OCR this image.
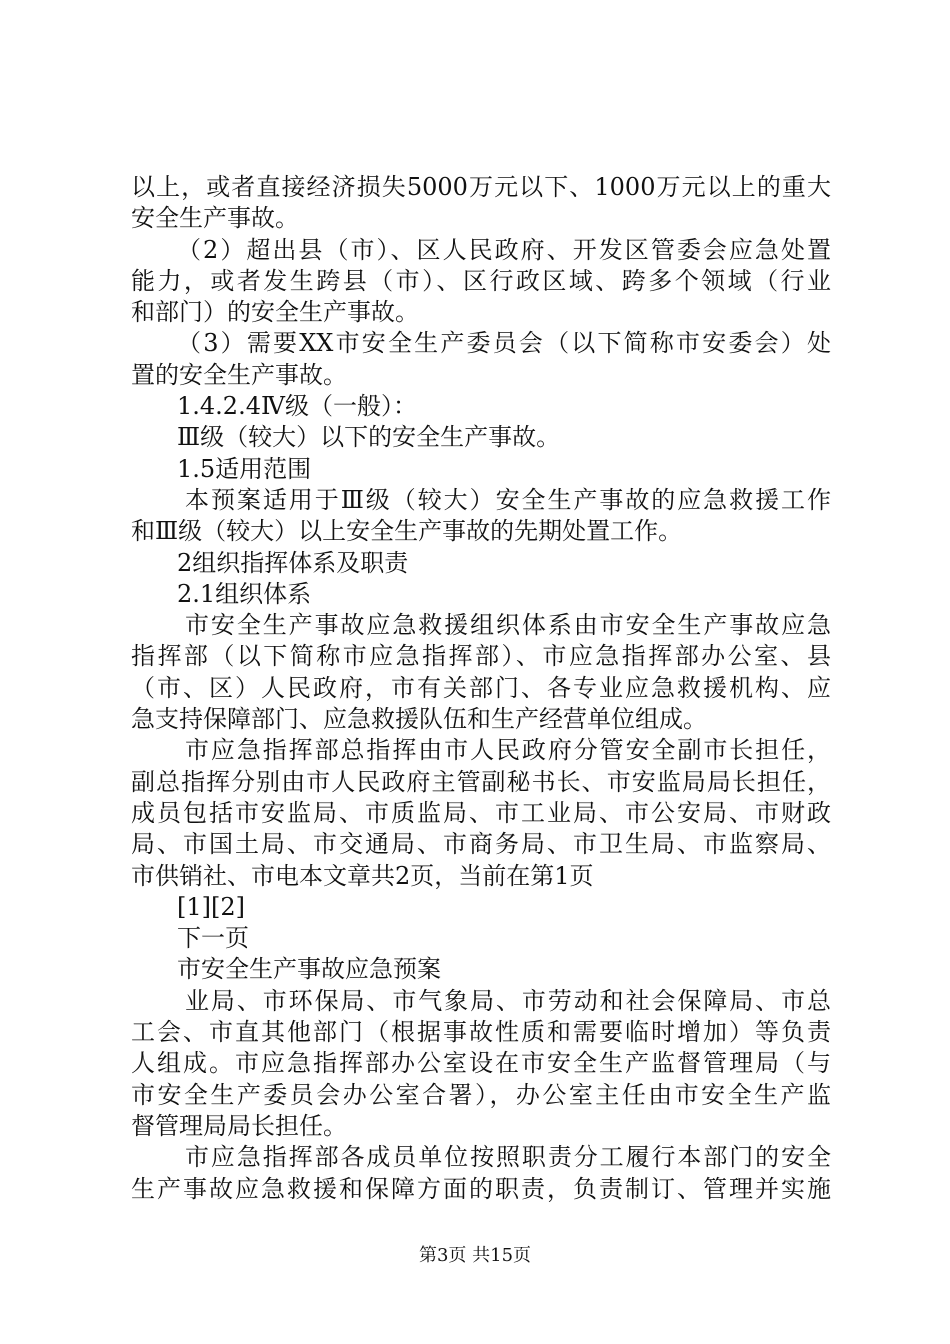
以上，或者直接经济损失5000万元以下、1000万元以上的重大
安全生产事故。
（2）超出县（市）、区人民政府、开发区管委会应急处置
能力，或者发生跨县（市）、区行政区域、跨多个领域（行业
和部门）的安全生产事故。
（3）需要XX市安全生产委员会（以下简称市安委会）处
置的安全生产事故。
1.4.2.4Ⅳ级（一般）：
Ⅲ级（较大）以下的安全生产事故。
1.5适用范围
本预案适用于Ⅲ级（较大）安全生产事故的应急救援工作
和Ⅲ级（较大）以上安全生产事故的先期处置工作。
2组织指挥体系及职责
2.1组织体系
市安全生产事故应急救援组织体系由市安全生产事故应急
指挥部（以下简称市应急指挥部）、市应急指挥部办公室、县
（市、区）人民政府，市有关部门、各专业应急救援机构、应
急支持保障部门、应急救援队伍和生产经营单位组成。
市应急指挥部总指挥由市人民政府分管安全副市长担任，
副总指挥分别由市人民政府主管副秘书长、市安监局局长担任，
成员包括市安监局、市质监局、市工业局、市公安局、市财政
局、市国土局、市交通局、市商务局、市卫生局、市监察局、
市供销社、市电本文章共2页，当前在第1页
[1][2]
下一页
市安全生产事故应急预案
业局、市环保局、市气象局、市劳动和社会保障局、市总
工会、市直其他部门（根据事故性质和需要临时增加）等负责
人组成。市应急指挥部办公室设在市安全生产监督管理局（与
市安全生产委员会办公室合署），办公室主任由市安全生产监
督管理局局长担任。
市应急指挥部各成员单位按照职责分工履行本部门的安全
生产事故应急救援和保障方面的职责，负责制订、管理并实施
第3页 共15页
